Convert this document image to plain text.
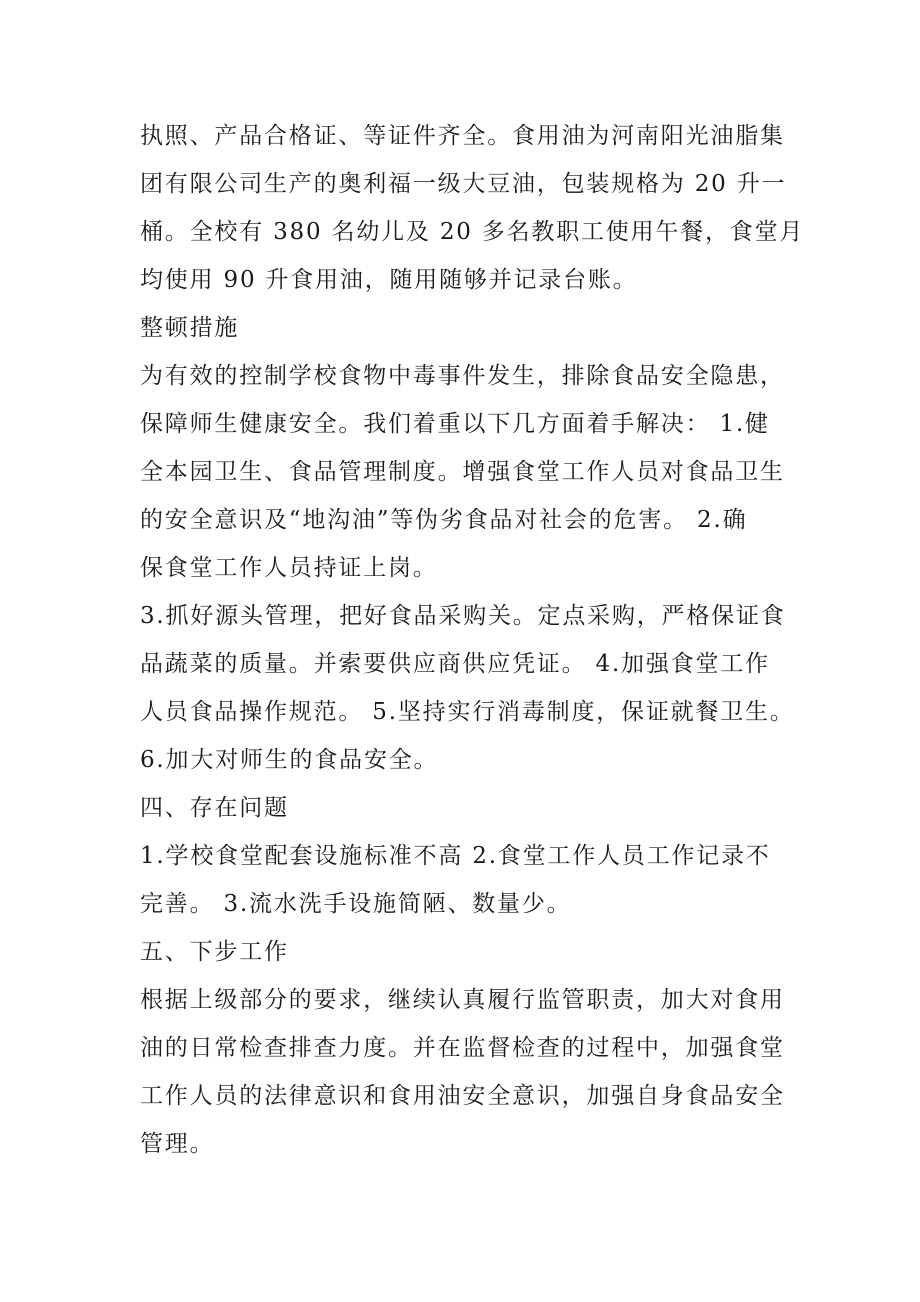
执照、产品合格证、等证件齐全。食用油为河南阳光油脂集
团有限公司生产的奥利福一级大豆油，包装规格为 20 升一
桶。全校有 380 名幼儿及 20 多名教职工使用午餐，食堂月
均使用 90 升食用油，随用随够并记录台账。

整顿措施

为有效的控制学校食物中毒事件发生，排除食品安全隐患，
保障师生健康安全。我们着重以下几方面着手解决： 1.健
全本园卫生、食品管理制度。增强食堂工作人员对食品卫生
的安全意识及“地沟油”等伪劣食品对社会的危害。 2.确
保食堂工作人员持证上岗。

3.抓好源头管理，把好食品采购关。定点采购，严格保证食
品蔬菜的质量。并索要供应商供应凭证。 4.加强食堂工作
人员食品操作规范。 5.坚持实行消毒制度，保证就餐卫生。
6.加大对师生的食品安全。

四、存在问题

1.学校食堂配套设施标准不高 2.食堂工作人员工作记录不
完善。 3.流水洗手设施简陋、数量少。

五、下步工作

根据上级部分的要求，继续认真履行监管职责，加大对食用
油的日常检查排查力度。并在监督检查的过程中，加强食堂
工作人员的法律意识和食用油安全意识，加强自身食品安全
管理。
